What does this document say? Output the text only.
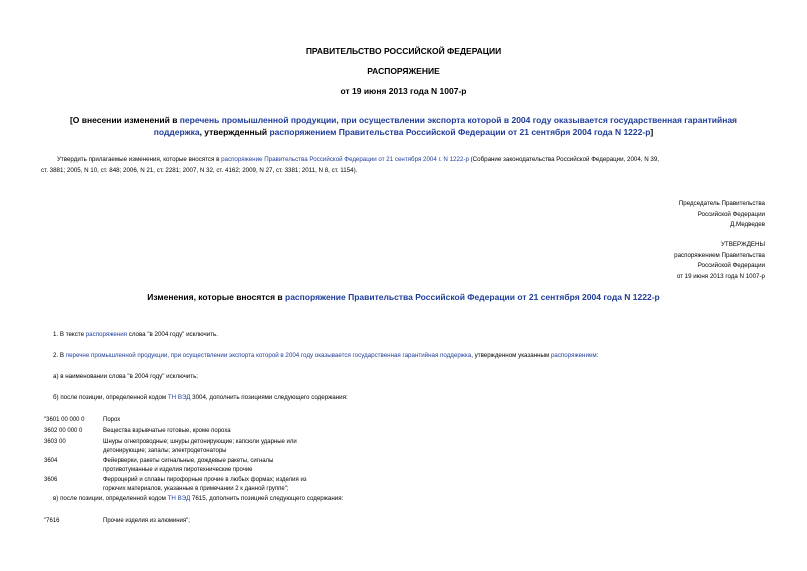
ПРАВИТЕЛЬСТВО РОССИЙСКОЙ ФЕДЕРАЦИИ
РАСПОРЯЖЕНИЕ
от 19 июня 2013 года N 1007-р
[О внесении изменений в перечень промышленной продукции, при осуществлении экспорта которой в 2004 году оказывается государственная гарантийная
поддержка, утвержденный распоряжением Правительства Российской Федерации от 21 сентября 2004 года N 1222-р]
Утвердить прилагаемые изменения, которые вносятся в распоряжение Правительства Российской Федерации от 21 сентября 2004 г. N 1222-р (Собрание законодательства Российской Федерации, 2004, N 39,
ст. 3881; 2005, N 10, ст. 848; 2006, N 21, ст. 2281; 2007, N 32, ст. 4162; 2009, N 27, ст. 3381; 2011, N 8, ст. 1154).
Председатель Правительства
Российской Федерации
Д.Медведев
УТВЕРЖДЕНЫ
распоряжением Правительства
Российской Федерации
от 19 июня 2013 года N 1007-р
Изменения, которые вносятся в распоряжение Правительства Российской Федерации от 21 сентября 2004 года N 1222-р
1. В тексте распоряжения слова "в 2004 году" исключить.
2. В перечне промышленной продукции, при осуществлении экспорта которой в 2004 году оказывается государственная гарантийная поддержка, утвержденном указанным распоряжением:
а) в наименовании слова "в 2004 году" исключить;
б) после позиции, определенной кодом ТН ВЭД 3004, дополнить позициями следующего содержания:
"3601 00 000 0	Порох
3602 00 000 0	Вещества взрывчатые готовые, кроме пороха
3603 00	Шнуры огнепроводные; шнуры детонирующие; капсюли ударные или
детонирующие; запалы; электродетонаторы
3604	Фейерверки, ракеты сигнальные, дождевые ракеты, сигналы
противотуманные и изделия пиротехнические прочие
3606	Ферроцерий и сплавы пирофорные прочие в любых формах; изделия из
горючих материалов, указанные в примечании 2 к данной группе";
в) после позиции, определенной кодом ТН ВЭД 7615, дополнить позицией следующего содержания:
"7616	Прочие изделия из алюминия";
